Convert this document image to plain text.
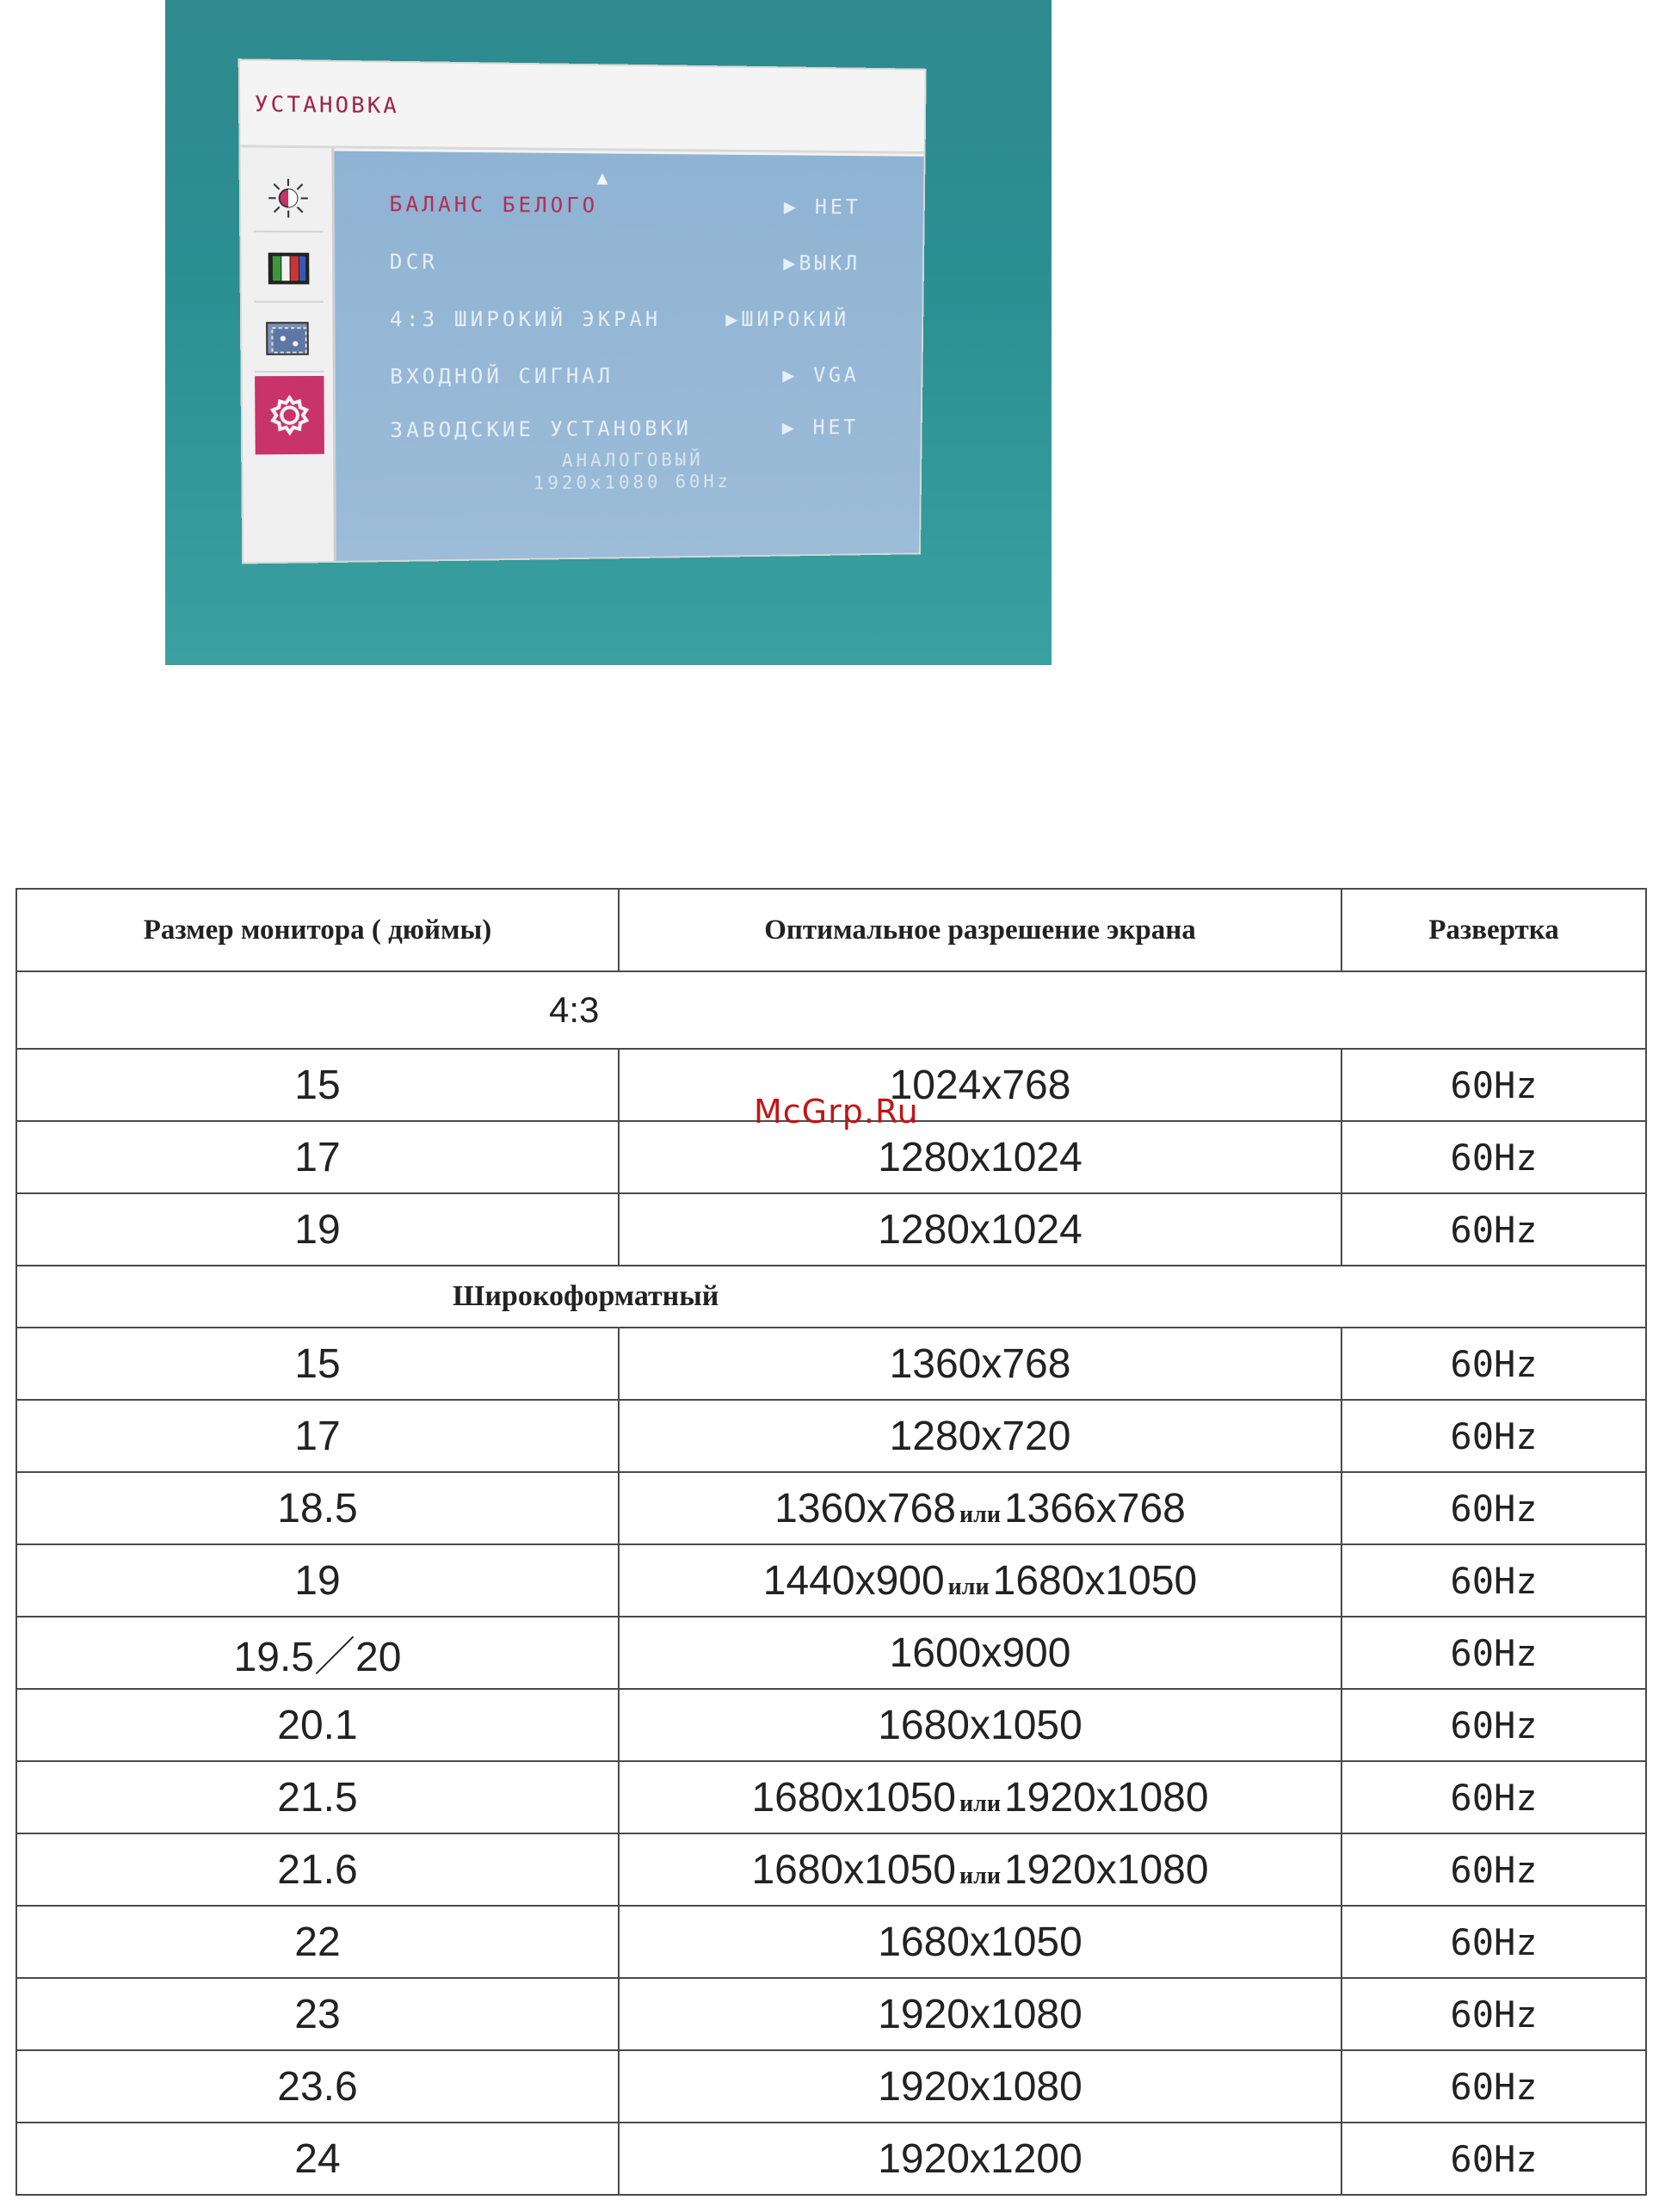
УСТАНОВКА
▲
БАЛАНС БЕЛОГО	▶ НЕТ
DCR	▶ВЫКЛ
4:3 ШИРОКИЙ ЭКРАН	▶ШИРОКИЙ
ВХОДНОЙ СИГНАЛ	▶ VGA
ЗАВОДСКИЕ УСТАНОВКИ	▶ НЕТ
АНАЛОГОВЫЙ
1920x1080 60Hz
Размер монитора ( дюймы)	Оптимальное разрешение экрана	Развертка

4:3		

15	1024x768	60Hz
17	1280x1024	60Hz
19	1280x1024	60Hz

Широкоформатный		

15	1360x768	60Hz
17	1280x720	60Hz
18.5	1360x768 или1366x768	60Hz
19	1440x900 или1680x1050	60Hz
19.5／20	1600x900	60Hz
20.1	1680x1050	60Hz
21.5	1680x1050 или1920x1080	60Hz
21.6	1680x1050 или1920x1080	60Hz
22	1680x1050	60Hz
23	1920x1080	60Hz
23.6	1920x1080	60Hz
24	1920x1200	60Hz
McGrp.Ru
